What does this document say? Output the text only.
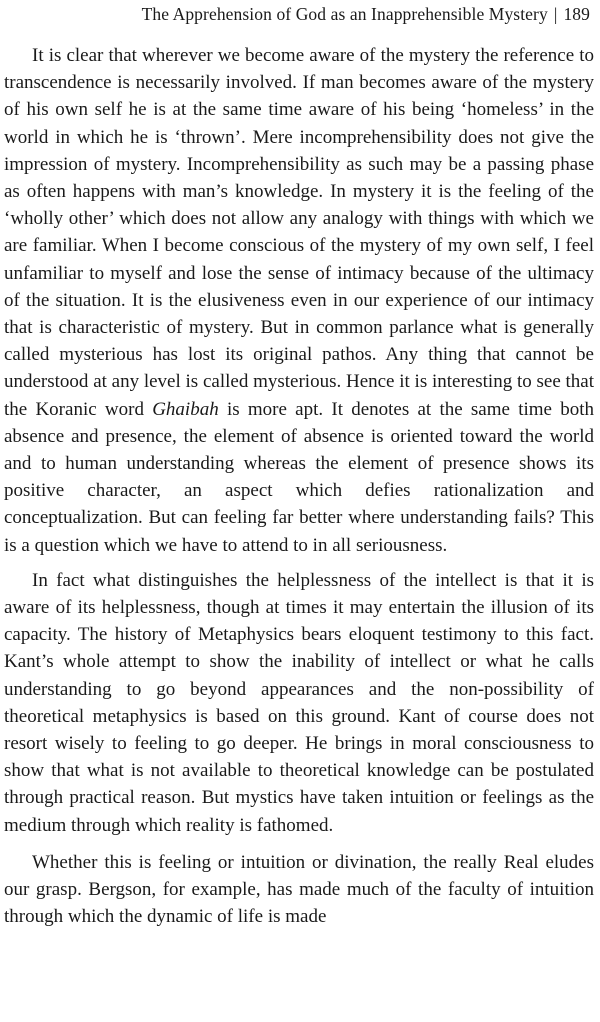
The Apprehension of God as an Inapprehensible Mystery | 189

It is clear that wherever we become aware of the mystery the reference to transcendence is necessarily involved. If man becomes aware of the mystery of his own self he is at the same time aware of his being ‘homeless’ in the world in which he is ‘thrown’. Mere incomprehensibility does not give the impression of mystery. Incomprehensibility as such may be a passing phase as often happens with man’s knowledge. In mystery it is the feeling of the ‘wholly other’ which does not allow any analogy with things with which we are familiar. When I become conscious of the mystery of my own self, I feel unfamiliar to myself and lose the sense of intimacy because of the ultimacy of the situation. It is the elusiveness even in our experience of our intimacy that is characteristic of mystery. But in common parlance what is generally called mysterious has lost its original pathos. Any thing that cannot be understood at any level is called mysterious. Hence it is interesting to see that the Koranic word Ghaibah is more apt. It denotes at the same time both absence and presence, the element of absence is oriented toward the world and to human understanding whereas the element of presence shows its positive character, an aspect which defies rationalization and conceptualization. But can feeling far better where understanding fails? This is a question which we have to attend to in all seriousness.

In fact what distinguishes the helplessness of the intellect is that it is aware of its helplessness, though at times it may entertain the illusion of its capacity. The history of Metaphysics bears eloquent testimony to this fact. Kant’s whole attempt to show the inability of intellect or what he calls understanding to go beyond appearances and the non-possibility of theoretical metaphysics is based on this ground. Kant of course does not resort wisely to feeling to go deeper. He brings in moral consciousness to show that what is not available to theoretical knowledge can be postulated through practical reason. But mystics have taken intuition or feelings as the medium through which reality is fathomed.

Whether this is feeling or intuition or divination, the really Real eludes our grasp. Bergson, for example, has made much of the faculty of intuition through which the dynamic of life is made
